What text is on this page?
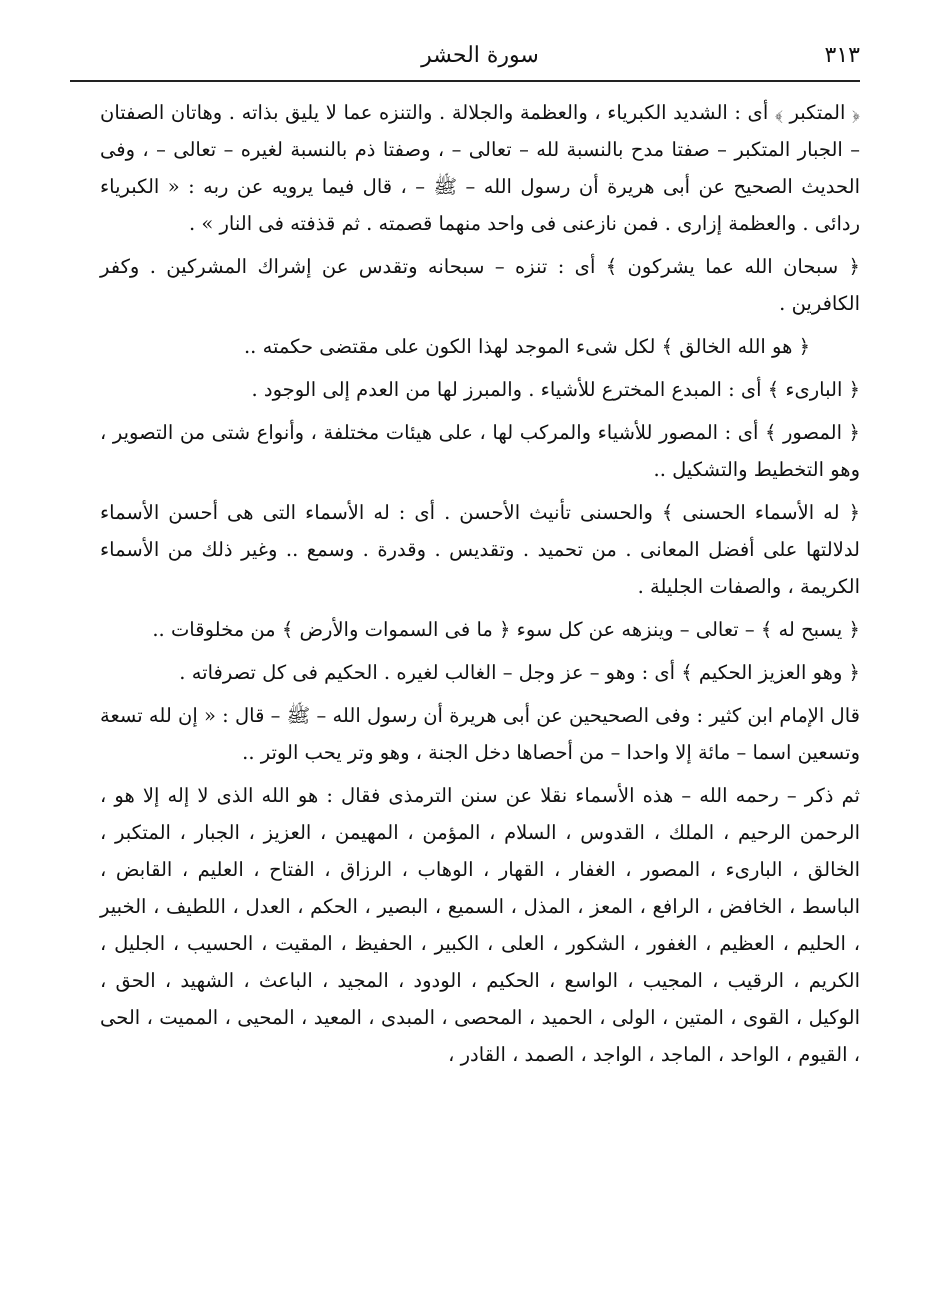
سورة الحشر	٣١٣

﴿ المتكبر ﴾ أى : الشديد الكبرياء ، والعظمة والجلالة . والتنزه عما لا يليق بذاته . وهاتان الصفتان – الجبار المتكبر – صفتا مدح بالنسبة لله – تعالى – ، وصفتا ذم بالنسبة لغيره – تعالى – ، وفى الحديث الصحيح عن أبى هريرة أن رسول الله – ﷺ – ، قال فيما يرويه عن ربه : « الكبرياء ردائى . والعظمة إزارى . فمن نازعنى فى واحد منهما قصمته . ثم قذفته فى النار » .

﴿ سبحان الله عما يشركون ﴾ أى : تنزه – سبحانه وتقدس عن إشراك المشركين . وكفر الكافرين .

﴿ هو الله الخالق ﴾ لكل شىء الموجد لهذا الكون على مقتضى حكمته ..

﴿ البارىء ﴾ أى : المبدع المخترع للأشياء . والمبرز لها من العدم إلى الوجود .

﴿ المصور ﴾ أى : المصور للأشياء والمركب لها ، على هيئات مختلفة ، وأنواع شتى من التصوير ، وهو التخطيط والتشكيل ..

﴿ له الأسماء الحسنى ﴾ والحسنى تأنيث الأحسن . أى : له الأسماء التى هى أحسن الأسماء لدلالتها على أفضل المعانى . من تحميد . وتقديس . وقدرة . وسمع .. وغير ذلك من الأسماء الكريمة ، والصفات الجليلة .

﴿ يسبح له ﴾ – تعالى – وينزهه عن كل سوء ﴿ ما فى السموات والأرض ﴾ من مخلوقات ..

﴿ وهو العزيز الحكيم ﴾ أى : وهو – عز وجل – الغالب لغيره . الحكيم فى كل تصرفاته .

قال الإمام ابن كثير : وفى الصحيحين عن أبى هريرة أن رسول الله – ﷺ – قال : « إن لله تسعة وتسعين اسما – مائة إلا واحدا – من أحصاها دخل الجنة ، وهو وتر يحب الوتر ..

ثم ذكر – رحمه الله – هذه الأسماء نقلا عن سنن الترمذى فقال : هو الله الذى لا إله إلا هو ، الرحمن الرحيم ، الملك ، القدوس ، السلام ، المؤمن ، المهيمن ، العزيز ، الجبار ، المتكبر ، الخالق ، البارىء ، المصور ، الغفار ، القهار ، الوهاب ، الرزاق ، الفتاح ، العليم ، القابض ، الباسط ، الخافض ، الرافع ، المعز ، المذل ، السميع ، البصير ، الحكم ، العدل ، اللطيف ، الخبير ، الحليم ، العظيم ، الغفور ، الشكور ، العلى ، الكبير ، الحفيظ ، المقيت ، الحسيب ، الجليل ، الكريم ، الرقيب ، المجيب ، الواسع ، الحكيم ، الودود ، المجيد ، الباعث ، الشهيد ، الحق ، الوكيل ، القوى ، المتين ، الولى ، الحميد ، المحصى ، المبدى ، المعيد ، المحيى ، المميت ، الحى ، القيوم ، الواحد ، الماجد ، الواجد ، الصمد ، القادر ،
